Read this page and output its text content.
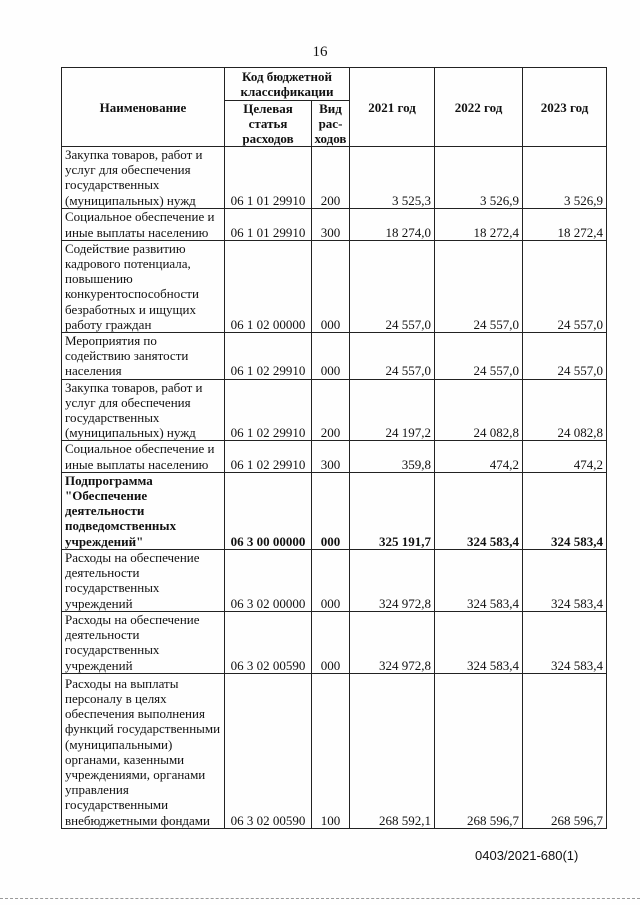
16
Наименование	Код бюджетной классификации		2021 год	2022 год	2023 год
	Целевая статья расходов	Вид рас-ходов			
Закупка товаров, работ и услуг для обеспечения государственных (муниципальных) нужд	06 1 01 29910	200	3 525,3	3 526,9	3 526,9
Социальное обеспечение и иные выплаты населению	06 1 01 29910	300	18 274,0	18 272,4	18 272,4
Содействие развитию кадрового потенциала, повышению конкурентоспособности безработных и ищущих работу граждан	06 1 02 00000	000	24 557,0	24 557,0	24 557,0
Мероприятия по содействию занятости населения	06 1 02 29910	000	24 557,0	24 557,0	24 557,0
Закупка товаров, работ и услуг для обеспечения государственных (муниципальных) нужд	06 1 02 29910	200	24 197,2	24 082,8	24 082,8
Социальное обеспечение и иные выплаты населению	06 1 02 29910	300	359,8	474,2	474,2
Подпрограмма "Обеспечение деятельности подведомственных учреждений"	06 3 00 00000	000	325 191,7	324 583,4	324 583,4
Расходы на обеспечение деятельности государственных учреждений	06 3 02 00000	000	324 972,8	324 583,4	324 583,4
Расходы на обеспечение деятельности государственных учреждений	06 3 02 00590	000	324 972,8	324 583,4	324 583,4
Расходы на выплаты персоналу в целях обеспечения выполнения функций государственными (муниципальными) органами, казенными учреждениями, органами управления государственными внебюджетными фондами	06 3 02 00590	100	268 592,1	268 596,7	268 596,7
0403/2021-680(1)
